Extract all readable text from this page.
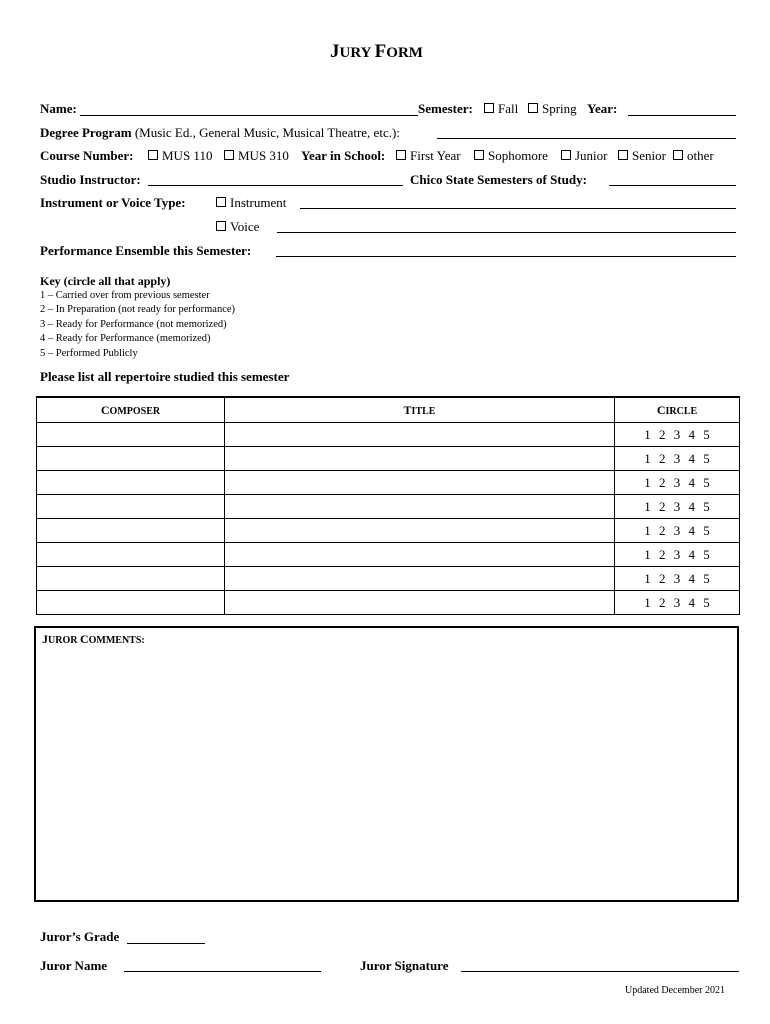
JURY FORM
Name:	Semester:	Fall	Spring Year:
Degree Program (Music Ed., General Music, Musical Theatre, etc.):
Course Number:	MUS 110	MUS 310 Year in School:	First Year	Sophomore	Junior	Senior	other
Studio Instructor:	Chico State Semesters of Study:
Instrument or Voice Type:	Instrument
Voice
Performance Ensemble this Semester:
Key (circle all that apply)
1 – Carried over from previous semester
2 – In Preparation (not ready for performance)
3 – Ready for Performance (not memorized)
4 – Ready for Performance (memorized)
5 – Performed Publicly
Please list all repertoire studied this semester
COMPOSER	TITLE	CIRCLE
		1 2 3 4 5
		1 2 3 4 5
		1 2 3 4 5
		1 2 3 4 5
		1 2 3 4 5
		1 2 3 4 5
		1 2 3 4 5
		1 2 3 4 5
JUROR COMMENTS:
Juror’s Grade
Juror Name	Juror Signature
Updated December 2021
